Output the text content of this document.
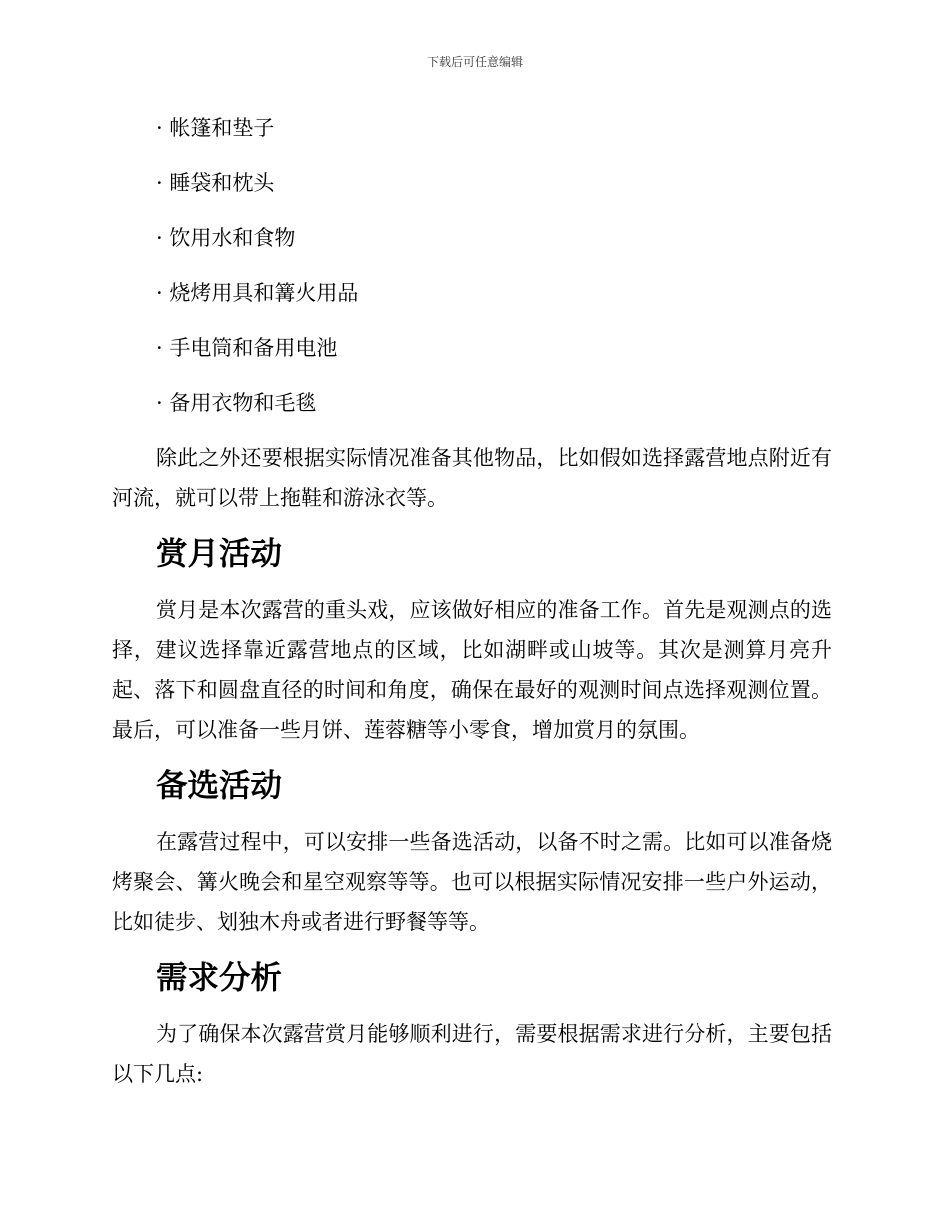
下载后可任意编辑

· 帐篷和垫子

· 睡袋和枕头

· 饮用水和食物

· 烧烤用具和篝火用品

· 手电筒和备用电池

· 备用衣物和毛毯

除此之外还要根据实际情况准备其他物品，比如假如选择露营地点附近有河流，就可以带上拖鞋和游泳衣等。

赏月活动

赏月是本次露营的重头戏，应该做好相应的准备工作。首先是观测点的选择，建议选择靠近露营地点的区域，比如湖畔或山坡等。其次是测算月亮升起、落下和圆盘直径的时间和角度，确保在最好的观测时间点选择观测位置。最后，可以准备一些月饼、莲蓉糖等小零食，增加赏月的氛围。

备选活动

在露营过程中，可以安排一些备选活动，以备不时之需。比如可以准备烧烤聚会、篝火晚会和星空观察等等。也可以根据实际情况安排一些户外运动，比如徒步、划独木舟或者进行野餐等等。

需求分析

为了确保本次露营赏月能够顺利进行，需要根据需求进行分析，主要包括以下几点:
